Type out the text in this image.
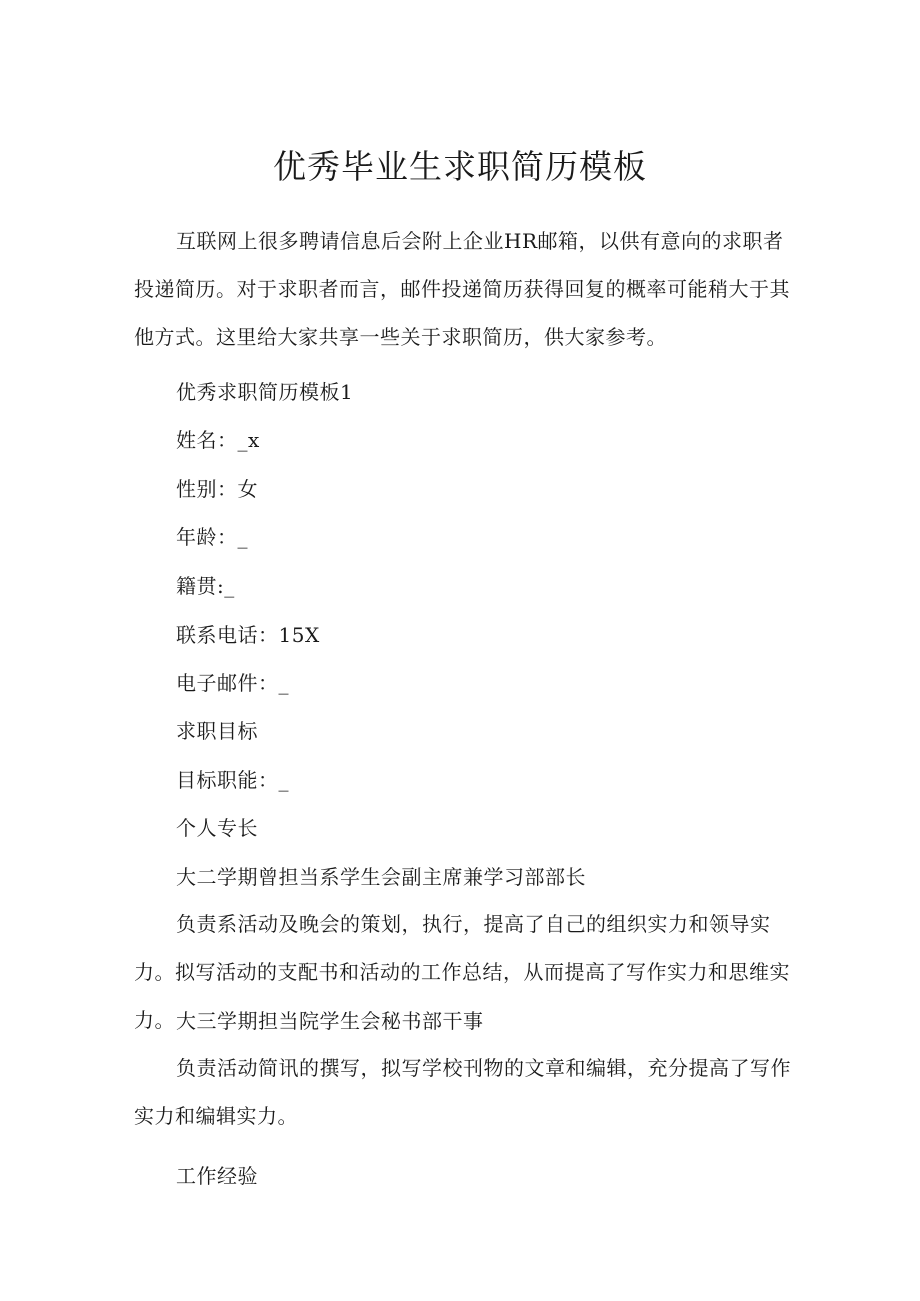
优秀毕业生求职简历模板

互联网上很多聘请信息后会附上企业HR邮箱，以供有意向的求职者投递简历。对于求职者而言，邮件投递简历获得回复的概率可能稍大于其他方式。这里给大家共享一些关于求职简历，供大家参考。

优秀求职简历模板1
姓名：_x
性别：女
年龄：_
籍贯:_
联系电话：15X
电子邮件：_
求职目标
目标职能：_
个人专长
大二学期曾担当系学生会副主席兼学习部部长

负责系活动及晚会的策划，执行，提高了自己的组织实力和领导实力。拟写活动的支配书和活动的工作总结，从而提高了写作实力和思维实力。 大三学期担当院学生会秘书部干事

负责活动简讯的撰写，拟写学校刊物的文章和编辑，充分提高了写作实力和编辑实力。

工作经验
